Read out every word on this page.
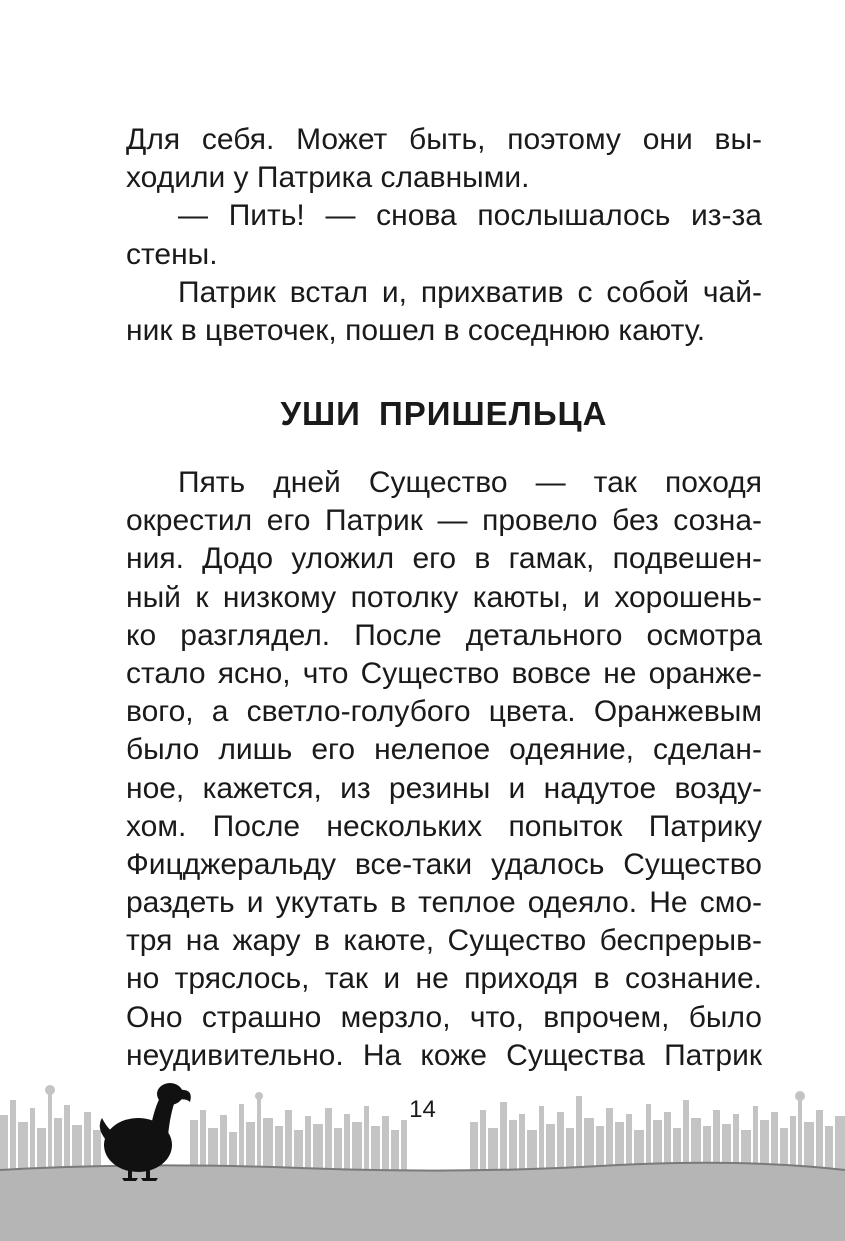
Для себя. Может быть, поэтому они вы-
ходили у Патрика славными.
— Пить! — снова послышалось из-за
стены.
Патрик встал и, прихватив с собой чай-
ник в цветочек, пошел в соседнюю каюту.
УШИ ПРИШЕЛЬЦА
Пять дней Существо — так походя
окрестил его Патрик — провело без созна-
ния. Додо уложил его в гамак, подвешен-
ный к низкому потолку каюты, и хорошень-
ко разглядел. После детального осмотра
стало ясно, что Существо вовсе не оранже-
вого, а светло-голубого цвета. Оранжевым
было лишь его нелепое одеяние, сделан-
ное, кажется, из резины и надутое возду-
хом. После нескольких попыток Патрику
Фицджеральду все-таки удалось Существо
раздеть и укутать в теплое одеяло. Не смо-
тря на жару в каюте, Существо беспрерыв-
но тряслось, так и не приходя в сознание.
Оно страшно мерзло, что, впрочем, было
неудивительно. На коже Существа Патрик
14
